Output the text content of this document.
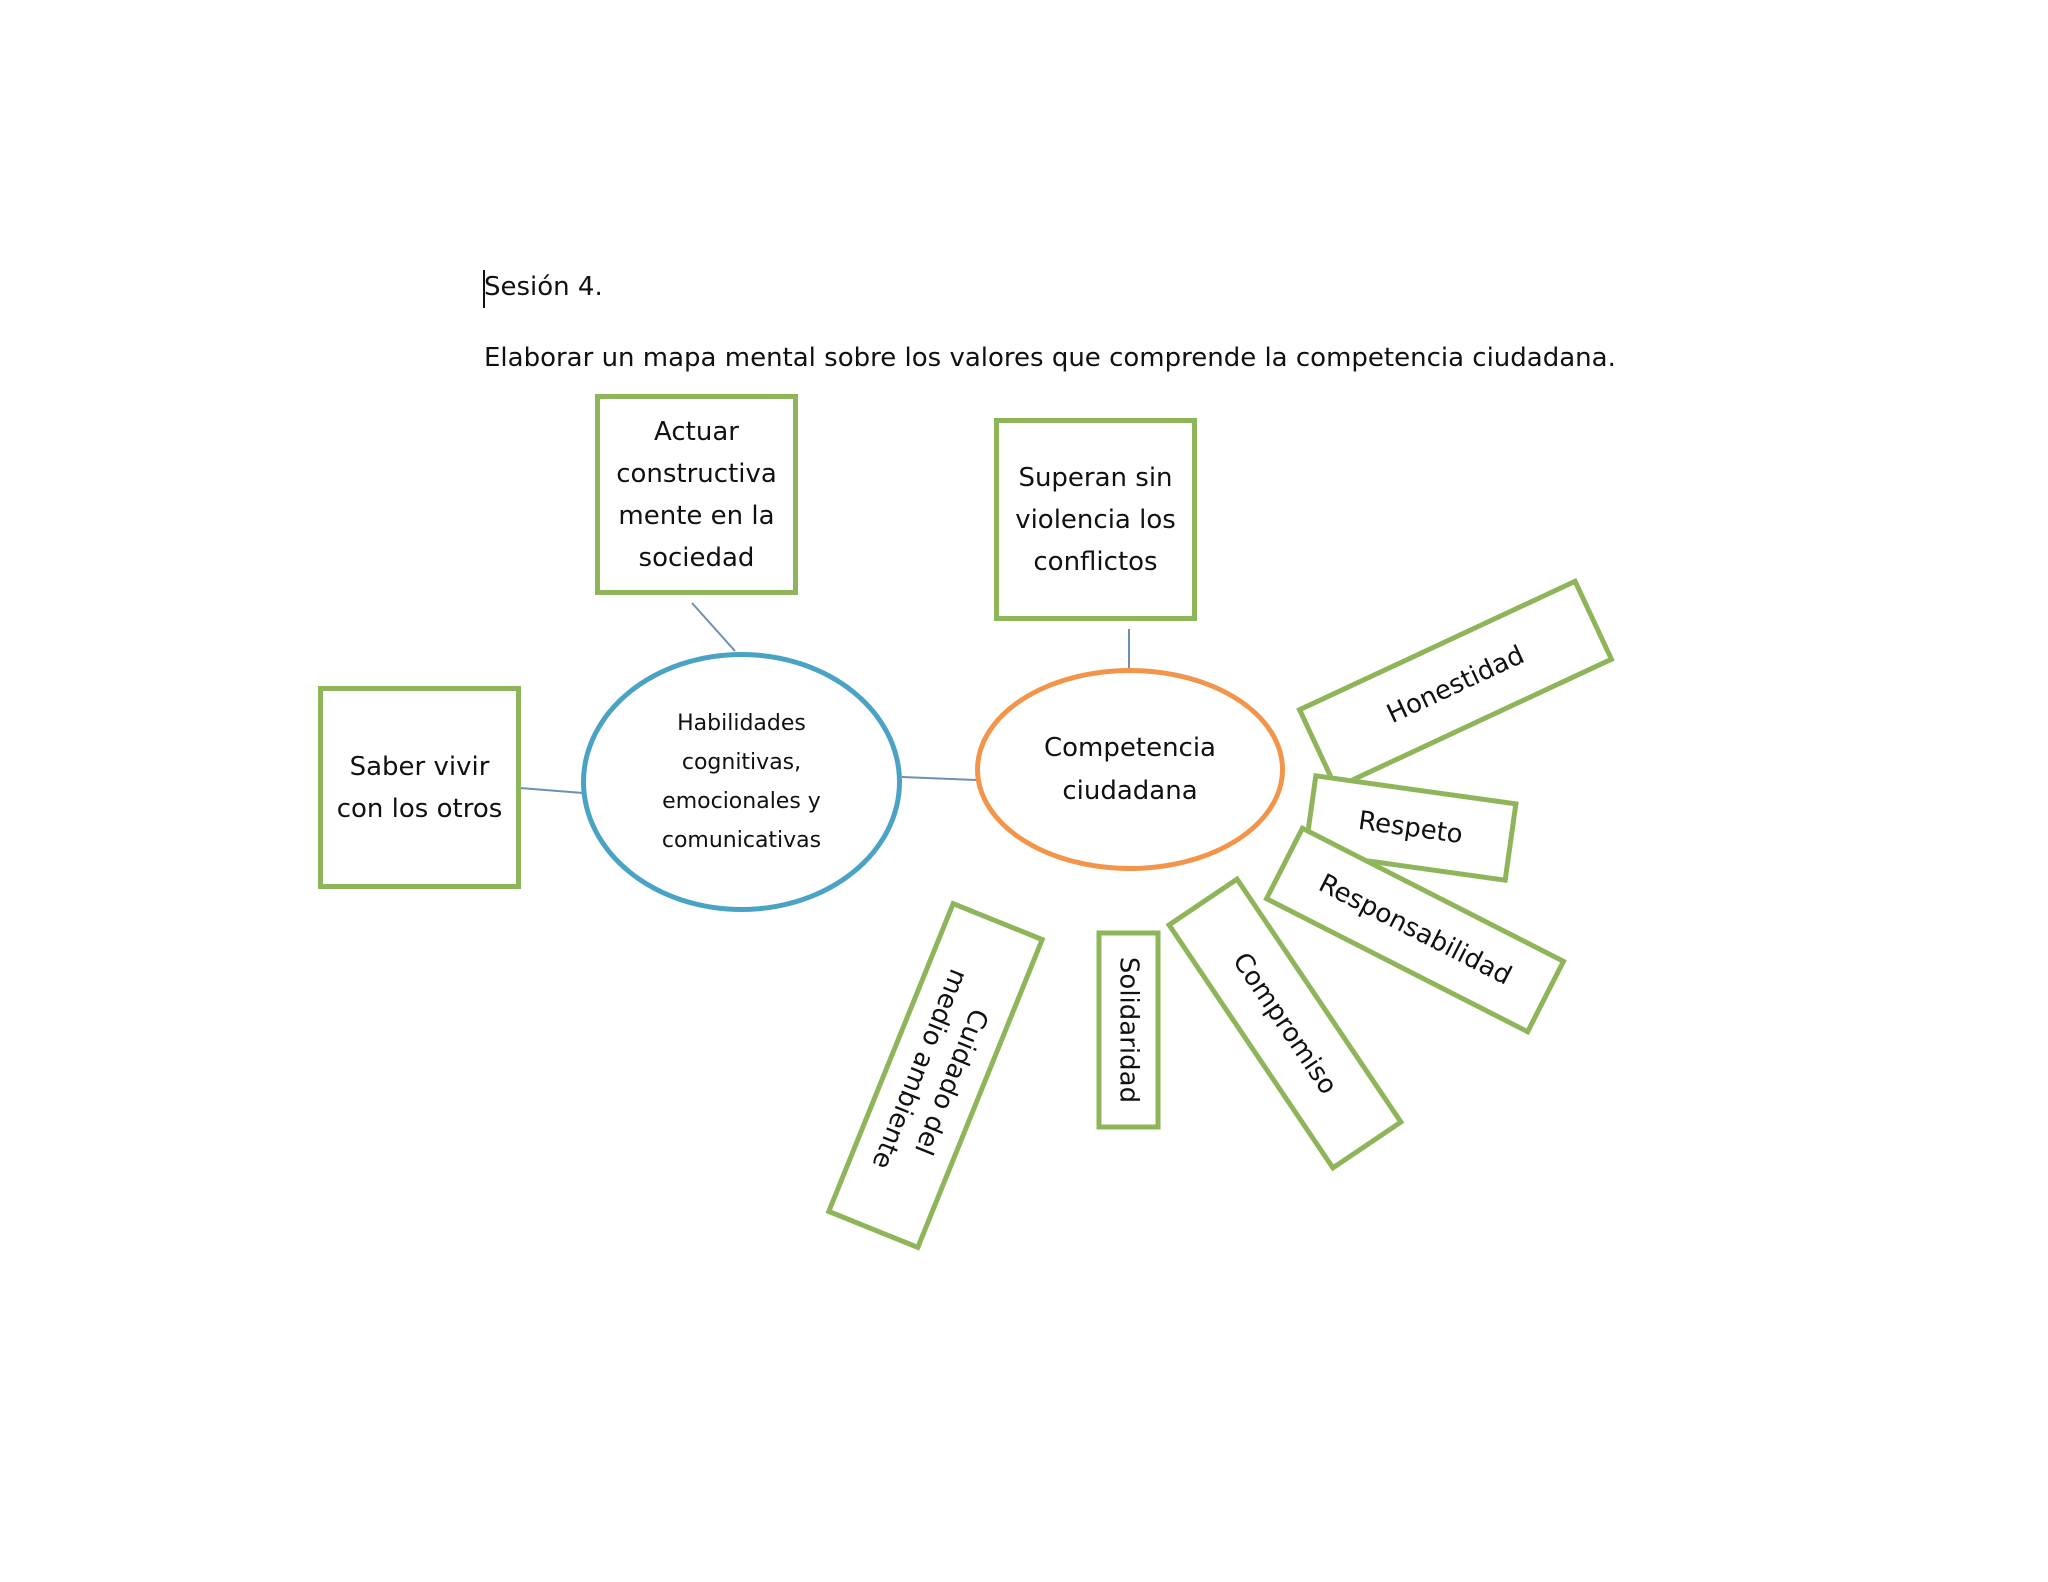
Sesión 4.
Elaborar un mapa mental sobre los valores que comprende la competencia ciudadana.
Saber vivir con los otros
Actuar constructiva mente en la sociedad
Superan sin violencia los conflictos
Habilidades cognitivas, emocionales y comunicativas
Competencia ciudadana
Honestidad
Respeto
Responsabilidad
Compromiso
Solidaridad
Cuidado del medio ambiente
